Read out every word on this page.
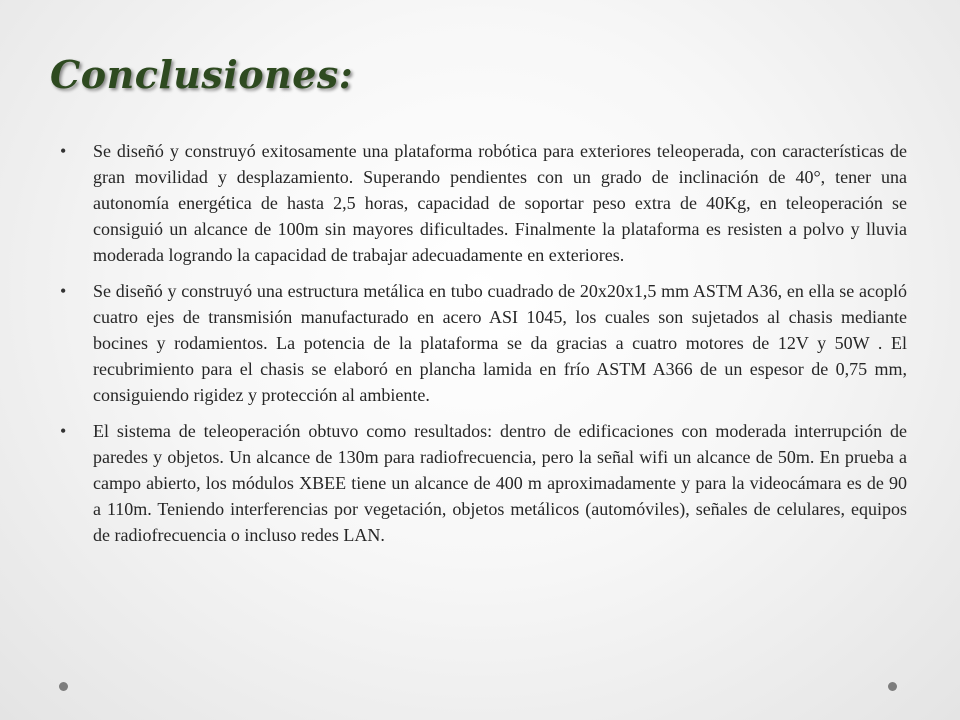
Conclusiones:
• Se diseñó y construyó exitosamente una plataforma robótica para exteriores teleoperada, con características de gran movilidad y desplazamiento. Superando pendientes con un grado de inclinación de 40°, tener una autonomía energética de hasta 2,5 horas, capacidad de soportar peso extra de 40Kg, en teleoperación se consiguió un alcance de 100m sin mayores dificultades. Finalmente la plataforma es resisten a polvo y lluvia moderada logrando la capacidad de trabajar adecuadamente en exteriores.
• Se diseñó y construyó una estructura metálica en tubo cuadrado de 20x20x1,5 mm ASTM A36, en ella se acopló cuatro ejes de transmisión manufacturado en acero ASI 1045, los cuales son sujetados al chasis mediante bocines y rodamientos. La potencia de la plataforma se da gracias a cuatro motores de 12V y 50W . El recubrimiento para el chasis se elaboró en plancha lamida en frío ASTM A366 de un espesor de 0,75 mm, consiguiendo rigidez y protección al ambiente.
• El sistema de teleoperación obtuvo como resultados: dentro de edificaciones con moderada interrupción de paredes y objetos. Un alcance de 130m para radiofrecuencia, pero la señal wifi un alcance de 50m. En prueba a campo abierto, los módulos XBEE tiene un alcance de 400 m aproximadamente y para la videocámara es de 90 a 110m. Teniendo interferencias por vegetación, objetos metálicos (automóviles), señales de celulares, equipos de radiofrecuencia o incluso redes LAN.
